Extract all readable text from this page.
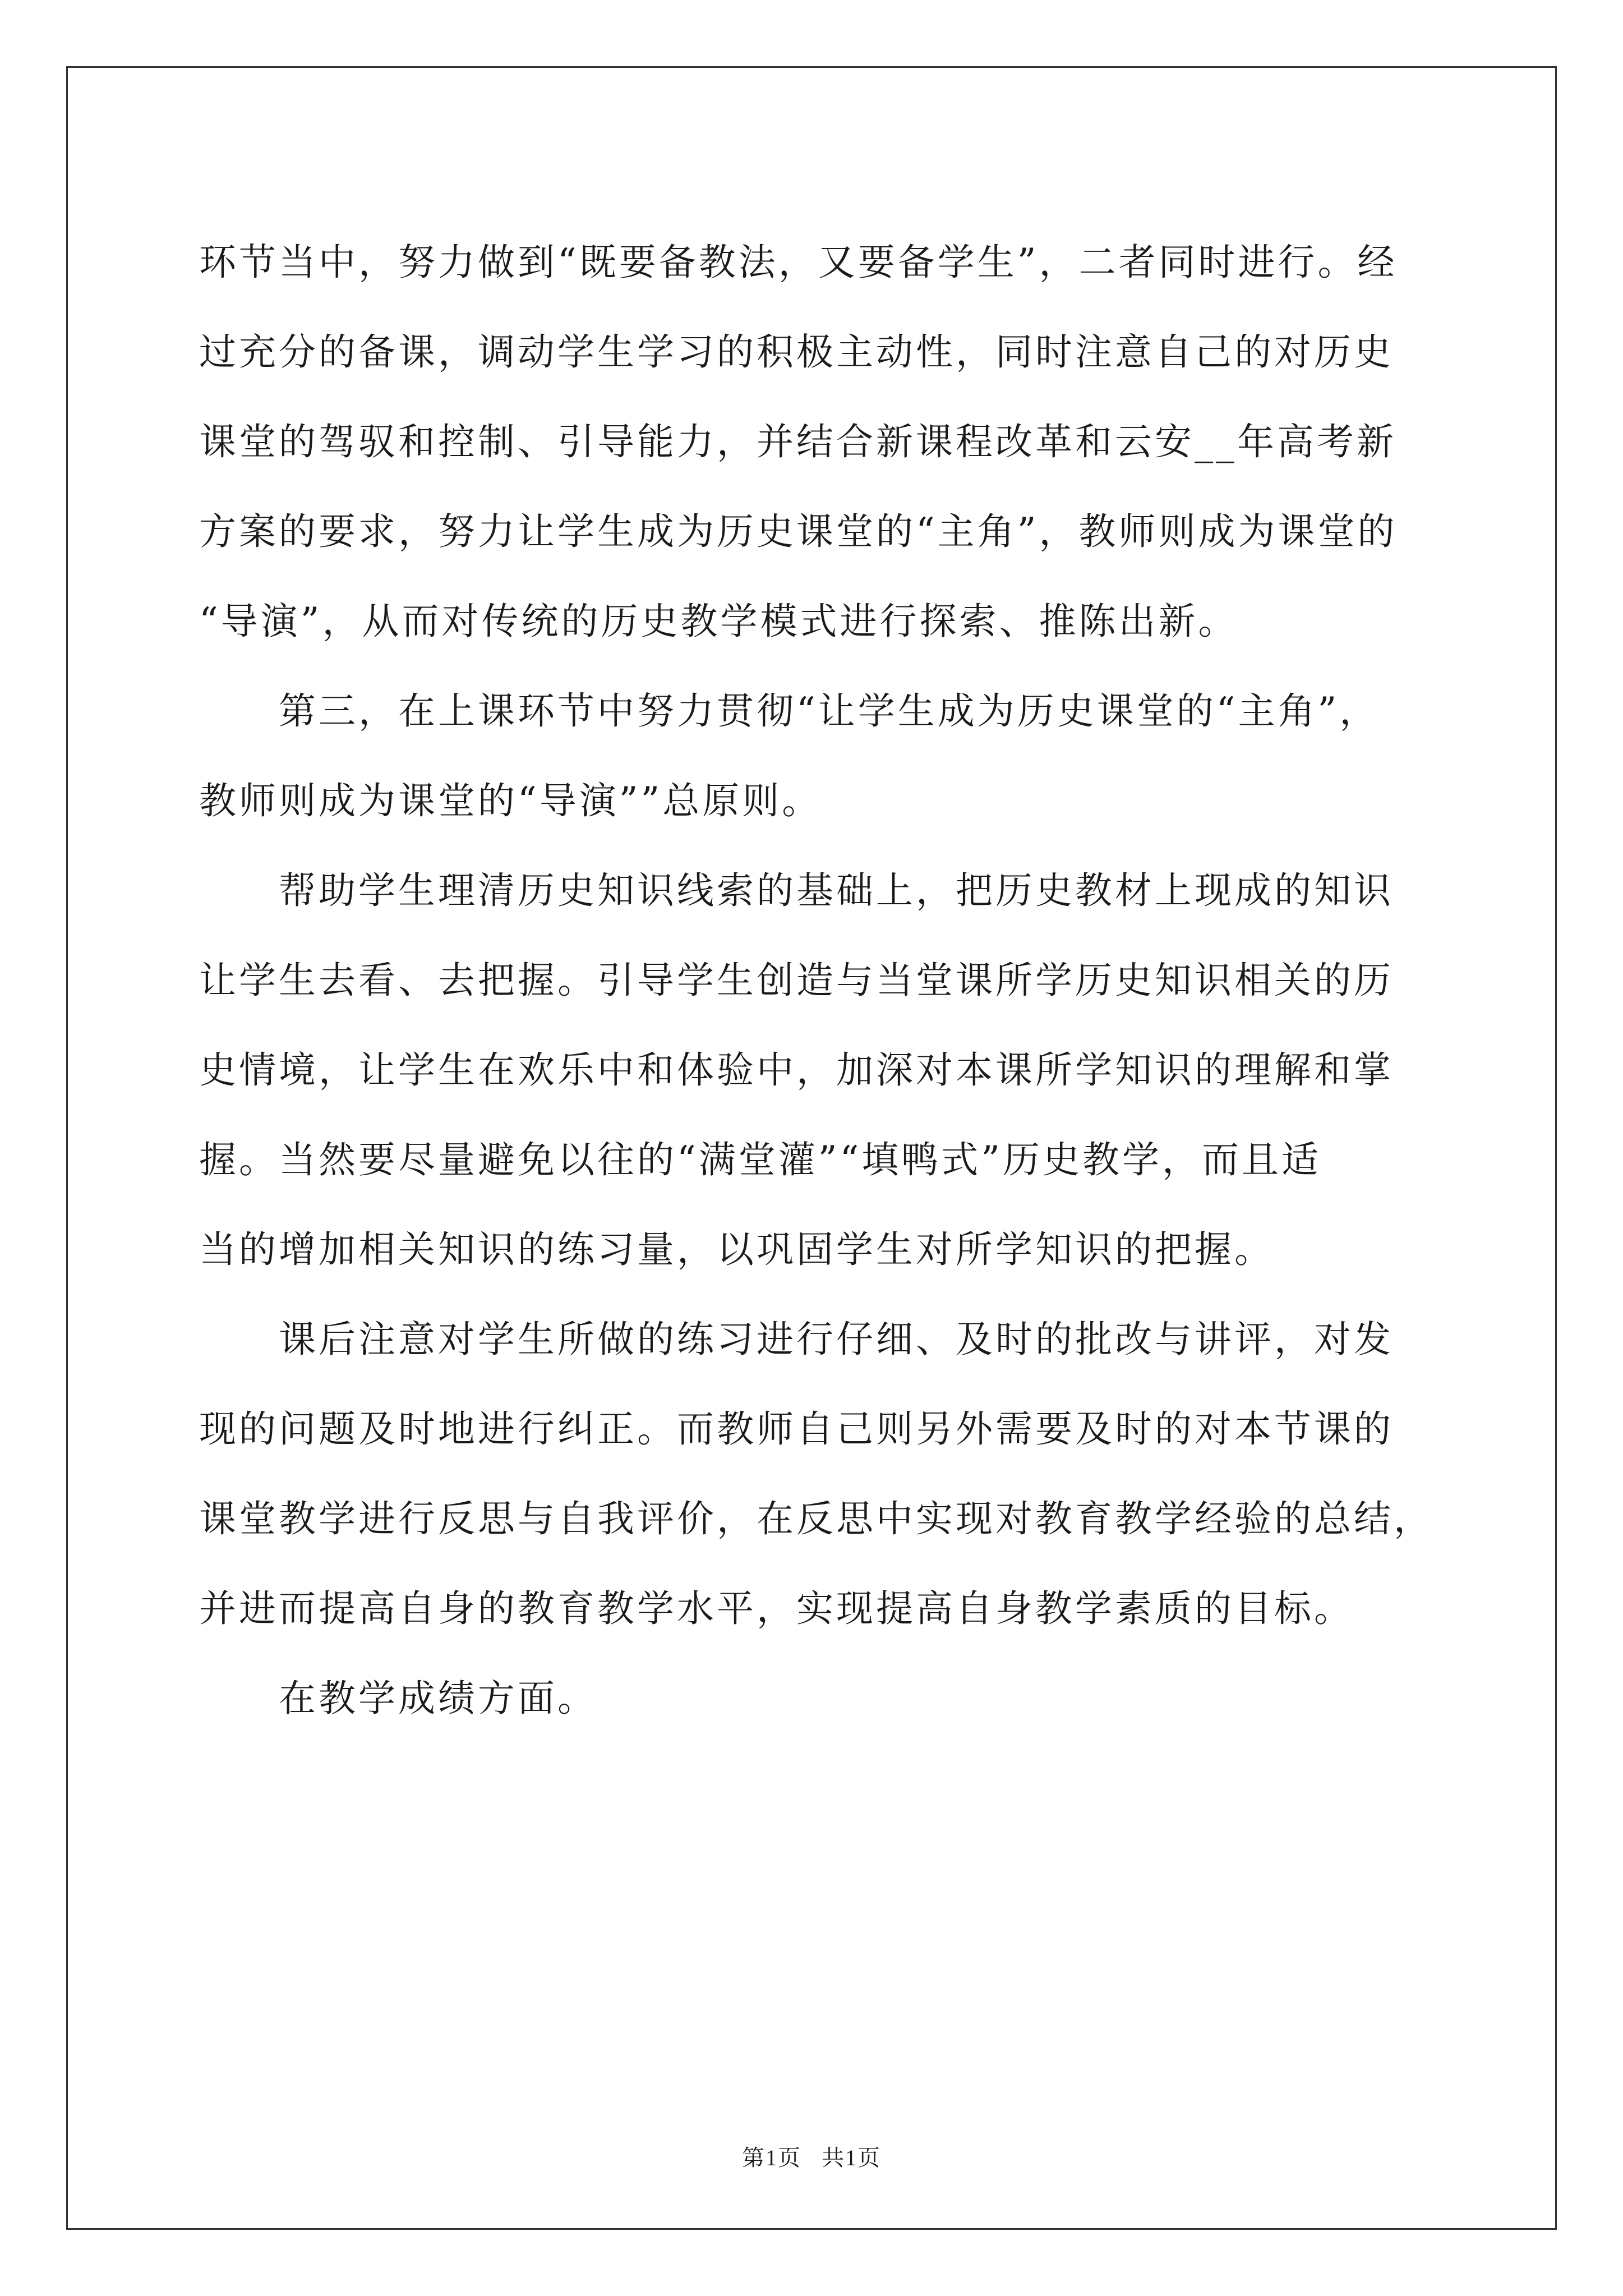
环节当中，努力做到“既要备教法，又要备学生”，二者同时进行。经
过充分的备课，调动学生学习的积极主动性，同时注意自己的对历史
课堂的驾驭和控制、引导能力，并结合新课程改革和云安__年高考新
方案的要求，努力让学生成为历史课堂的“主角”，教师则成为课堂的
“导演”，从而对传统的历史教学模式进行探索、推陈出新。
　　第三，在上课环节中努力贯彻“让学生成为历史课堂的“主角”，
教师则成为课堂的“导演””总原则。
　　帮助学生理清历史知识线索的基础上，把历史教材上现成的知识
让学生去看、去把握。引导学生创造与当堂课所学历史知识相关的历
史情境，让学生在欢乐中和体验中，加深对本课所学知识的理解和掌
握。当然要尽量避免以往的“满堂灌”“填鸭式”历史教学，而且适
当的增加相关知识的练习量，以巩固学生对所学知识的把握。
　　课后注意对学生所做的练习进行仔细、及时的批改与讲评，对发
现的问题及时地进行纠正。而教师自己则另外需要及时的对本节课的
课堂教学进行反思与自我评价，在反思中实现对教育教学经验的总结，
并进而提高自身的教育教学水平，实现提高自身教学素质的目标。
　　在教学成绩方面。
第1页 共1页
